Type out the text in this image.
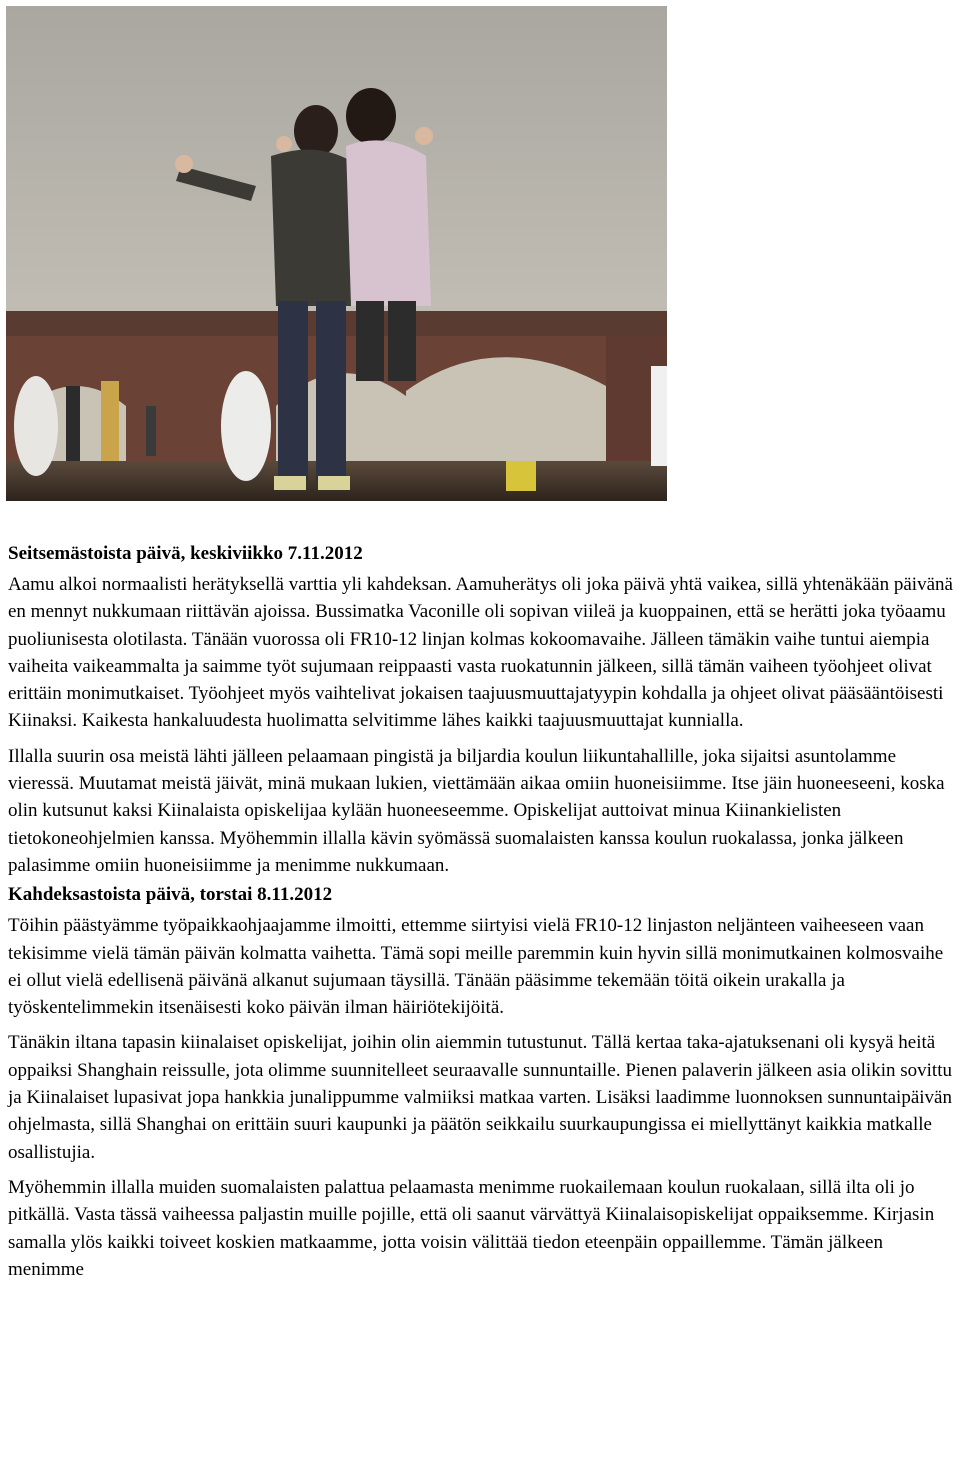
Seitsemästoista päivä, keskiviikko 7.11.2012

Aamu alkoi normaalisti herätyksellä varttia yli kahdeksan. Aamuherätys oli joka päivä yhtä vaikea, sillä yhtenäkään päivänä en mennyt nukkumaan riittävän ajoissa. Bussimatka Vaconille oli sopivan viileä ja kuoppainen, että se herätti joka työaamu puoliunisesta olotilasta. Tänään vuorossa oli FR10-12 linjan kolmas kokoomavaihe. Jälleen tämäkin vaihe tuntui aiempia vaiheita vaikeammalta ja saimme työt sujumaan reippaasti vasta ruokatunnin jälkeen, sillä tämän vaiheen työohjeet olivat erittäin monimutkaiset. Työohjeet myös vaihtelivat jokaisen taajuusmuuttajatyypin kohdalla ja ohjeet olivat pääsääntöisesti Kiinaksi. Kaikesta hankaluudesta huolimatta selvitimme lähes kaikki taajuusmuuttajat kunnialla.

Illalla suurin osa meistä lähti jälleen pelaamaan pingistä ja biljardia koulun liikuntahallille, joka sijaitsi asuntolamme vieressä. Muutamat meistä jäivät, minä mukaan lukien, viettämään aikaa omiin huoneisiimme. Itse jäin huoneeseeni, koska olin kutsunut kaksi Kiinalaista opiskelijaa kylään huoneeseemme. Opiskelijat auttoivat minua Kiinankielisten tietokoneohjelmien kanssa. Myöhemmin illalla kävin syömässä suomalaisten kanssa koulun ruokalassa, jonka jälkeen palasimme omiin huoneisiimme ja menimme nukkumaan.

Kahdeksastoista päivä, torstai 8.11.2012

Töihin päästyämme työpaikkaohjaajamme ilmoitti, ettemme siirtyisi vielä FR10-12 linjaston neljänteen vaiheeseen vaan tekisimme vielä tämän päivän kolmatta vaihetta. Tämä sopi meille paremmin kuin hyvin sillä monimutkainen kolmosvaihe ei ollut vielä edellisenä päivänä alkanut sujumaan täysillä. Tänään pääsimme tekemään töitä oikein urakalla ja työskentelimmekin itsenäisesti koko päivän ilman häiriötekijöitä.

Tänäkin iltana tapasin kiinalaiset opiskelijat, joihin olin aiemmin tutustunut. Tällä kertaa taka-ajatuksenani oli kysyä heitä oppaiksi Shanghain reissulle, jota olimme suunnitelleet seuraavalle sunnuntaille. Pienen palaverin jälkeen asia olikin sovittu ja Kiinalaiset lupasivat jopa hankkia junalippumme valmiiksi matkaa varten. Lisäksi laadimme luonnoksen sunnuntaipäivän ohjelmasta, sillä Shanghai on erittäin suuri kaupunki ja päätön seikkailu suurkaupungissa ei miellyttänyt kaikkia matkalle osallistujia.

Myöhemmin illalla muiden suomalaisten palattua pelaamasta menimme ruokailemaan koulun ruokalaan, sillä ilta oli jo pitkällä. Vasta tässä vaiheessa paljastin muille pojille, että oli saanut värvättyä Kiinalaisopiskelijat oppaiksemme. Kirjasin samalla ylös kaikki toiveet koskien matkaamme, jotta voisin välittää tiedon eteenpäin oppaillemme. Tämän jälkeen menimme
